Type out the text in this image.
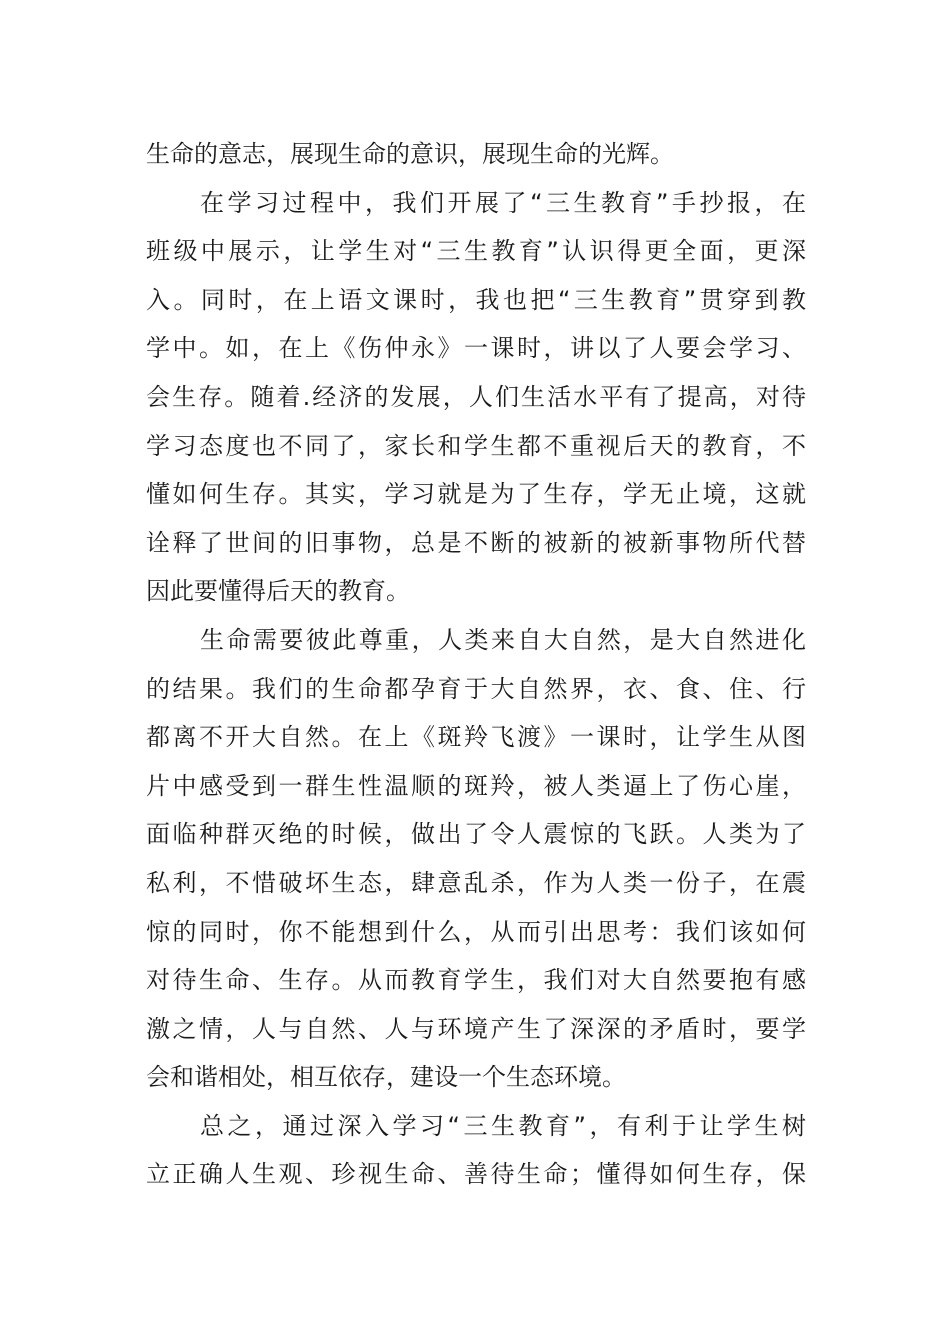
生命的意志，展现生命的意识，展现生命的光辉。
在学习过程中，我们开展了“三生教育”手抄报，在
班级中展示，让学生对“三生教育”认识得更全面，更深
入。同时，在上语文课时，我也把“三生教育”贯穿到教
学中。如，在上《伤仲永》一课时，讲以了人要会学习、
会生存。随着.经济的发展，人们生活水平有了提高，对待
学习态度也不同了，家长和学生都不重视后天的教育，不
懂如何生存。其实，学习就是为了生存，学无止境，这就
诠释了世间的旧事物，总是不断的被新的被新事物所代替
因此要懂得后天的教育。
生命需要彼此尊重，人类来自大自然，是大自然进化
的结果。我们的生命都孕育于大自然界，衣、食、住、行
都离不开大自然。在上《斑羚飞渡》一课时，让学生从图
片中感受到一群生性温顺的斑羚，被人类逼上了伤心崖，
面临种群灭绝的时候，做出了令人震惊的飞跃。人类为了
私利，不惜破坏生态，肆意乱杀，作为人类一份子，在震
惊的同时，你不能想到什么，从而引出思考：我们该如何
对待生命、生存。从而教育学生，我们对大自然要抱有感
激之情，人与自然、人与环境产生了深深的矛盾时，要学
会和谐相处，相互依存，建设一个生态环境。
总之，通过深入学习“三生教育”，有利于让学生树
立正确人生观、珍视生命、善待生命；懂得如何生存，保
